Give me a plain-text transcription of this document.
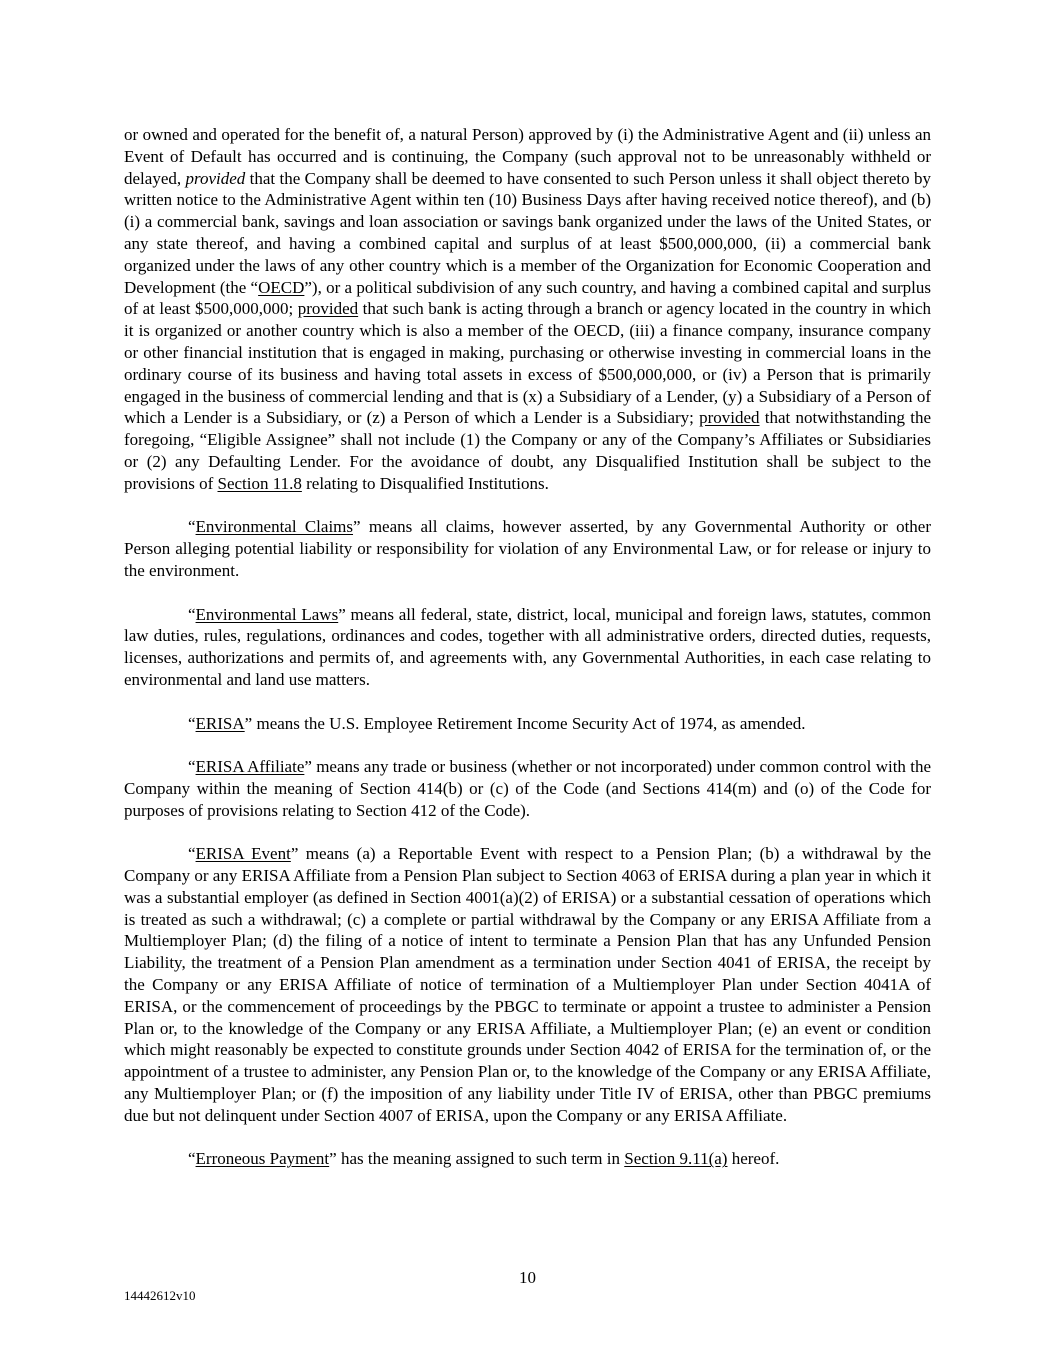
or owned and operated for the benefit of, a natural Person) approved by (i) the Administrative Agent and (ii) unless an Event of Default has occurred and is continuing, the Company (such approval not to be unreasonably withheld or delayed, provided that the Company shall be deemed to have consented to such Person unless it shall object thereto by written notice to the Administrative Agent within ten (10) Business Days after having received notice thereof), and (b) (i) a commercial bank, savings and loan association or savings bank organized under the laws of the United States, or any state thereof, and having a combined capital and surplus of at least $500,000,000, (ii) a commercial bank organized under the laws of any other country which is a member of the Organization for Economic Cooperation and Development (the “OECD”), or a political subdivision of any such country, and having a combined capital and surplus of at least $500,000,000; provided that such bank is acting through a branch or agency located in the country in which it is organized or another country which is also a member of the OECD, (iii) a finance company, insurance company or other financial institution that is engaged in making, purchasing or otherwise investing in commercial loans in the ordinary course of its business and having total assets in excess of $500,000,000, or (iv) a Person that is primarily engaged in the business of commercial lending and that is (x) a Subsidiary of a Lender, (y) a Subsidiary of a Person of which a Lender is a Subsidiary, or (z) a Person of which a Lender is a Subsidiary; provided that notwithstanding the foregoing, “Eligible Assignee” shall not include (1) the Company or any of the Company’s Affiliates or Subsidiaries or (2) any Defaulting Lender. For the avoidance of doubt, any Disqualified Institution shall be subject to the provisions of Section 11.8 relating to Disqualified Institutions.

“Environmental Claims” means all claims, however asserted, by any Governmental Authority or other Person alleging potential liability or responsibility for violation of any Environmental Law, or for release or injury to the environment.

“Environmental Laws” means all federal, state, district, local, municipal and foreign laws, statutes, common law duties, rules, regulations, ordinances and codes, together with all administrative orders, directed duties, requests, licenses, authorizations and permits of, and agreements with, any Governmental Authorities, in each case relating to environmental and land use matters.

“ERISA” means the U.S. Employee Retirement Income Security Act of 1974, as amended.

“ERISA Affiliate” means any trade or business (whether or not incorporated) under common control with the Company within the meaning of Section 414(b) or (c) of the Code (and Sections 414(m) and (o) of the Code for purposes of provisions relating to Section 412 of the Code).

“ERISA Event” means (a) a Reportable Event with respect to a Pension Plan; (b) a withdrawal by the Company or any ERISA Affiliate from a Pension Plan subject to Section 4063 of ERISA during a plan year in which it was a substantial employer (as defined in Section 4001(a)(2) of ERISA) or a substantial cessation of operations which is treated as such a withdrawal; (c) a complete or partial withdrawal by the Company or any ERISA Affiliate from a Multiemployer Plan; (d) the filing of a notice of intent to terminate a Pension Plan that has any Unfunded Pension Liability, the treatment of a Pension Plan amendment as a termination under Section 4041 of ERISA, the receipt by the Company or any ERISA Affiliate of notice of termination of a Multiemployer Plan under Section 4041A of ERISA, or the commencement of proceedings by the PBGC to terminate or appoint a trustee to administer a Pension Plan or, to the knowledge of the Company or any ERISA Affiliate, a Multiemployer Plan; (e) an event or condition which might reasonably be expected to constitute grounds under Section 4042 of ERISA for the termination of, or the appointment of a trustee to administer, any Pension Plan or, to the knowledge of the Company or any ERISA Affiliate, any Multiemployer Plan; or (f) the imposition of any liability under Title IV of ERISA, other than PBGC premiums due but not delinquent under Section 4007 of ERISA, upon the Company or any ERISA Affiliate.

“Erroneous Payment” has the meaning assigned to such term in Section 9.11(a) hereof.

10
14442612v10
